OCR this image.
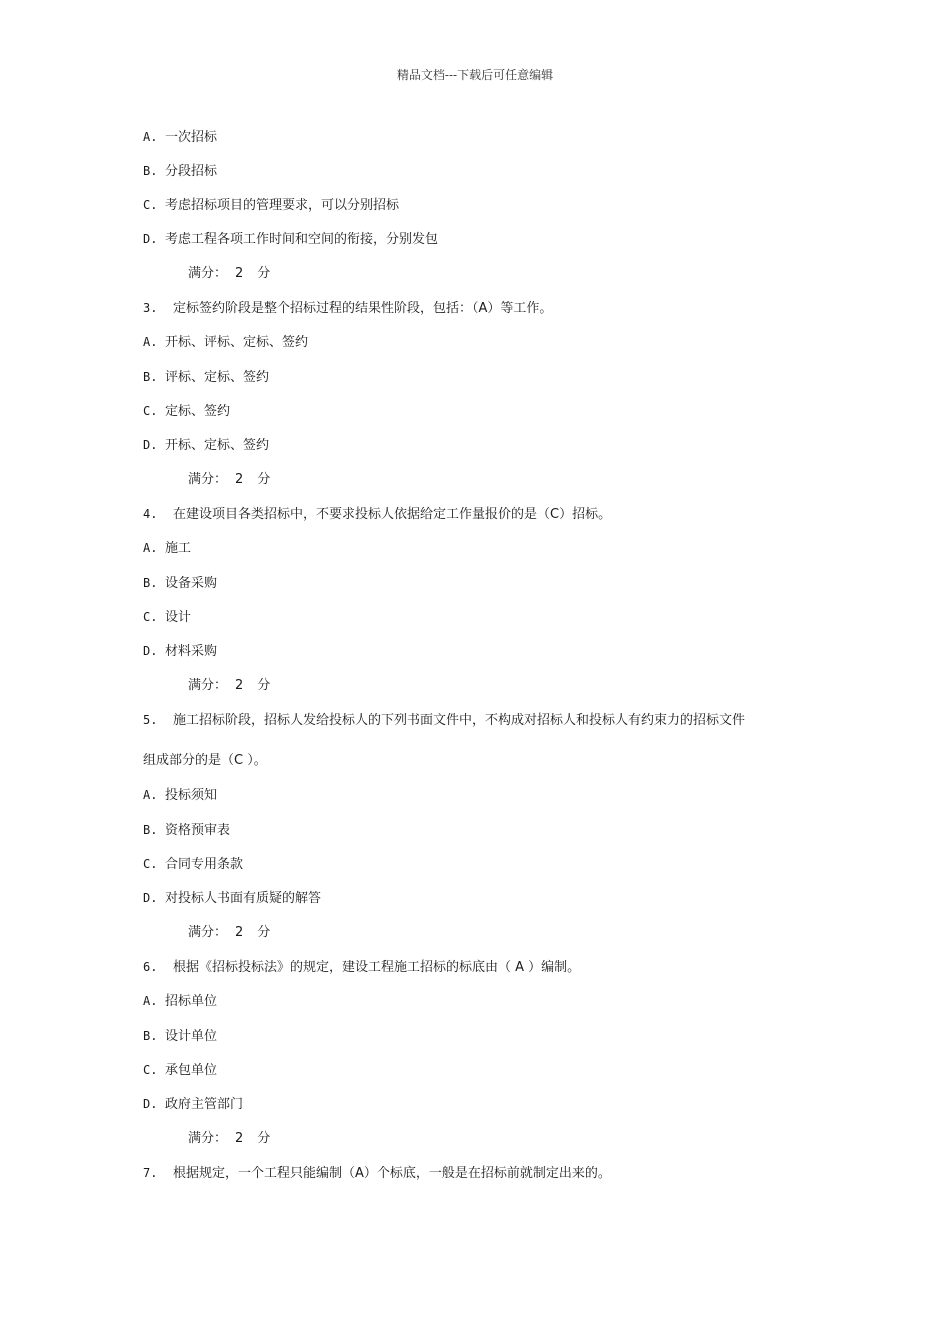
精品文档---下载后可任意编辑
A. 一次招标
B. 分段招标
C. 考虑招标项目的管理要求，可以分别招标
D. 考虑工程各项工作时间和空间的衔接，分别发包
满分： 2 分
3. 定标签约阶段是整个招标过程的结果性阶段，包括：（A）等工作。
A. 开标、评标、定标、签约
B. 评标、定标、签约
C. 定标、签约
D. 开标、定标、签约
满分： 2 分
4. 在建设项目各类招标中，不要求投标人依据给定工作量报价的是（C）招标。
A. 施工
B. 设备采购
C. 设计
D. 材料采购
满分： 2 分
5. 施工招标阶段，招标人发给投标人的下列书面文件中，不构成对招标人和投标人有约束力的招标文件
组成部分的是（C ）。
A. 投标须知
B. 资格预审表
C. 合同专用条款
D. 对投标人书面有质疑的解答
满分： 2 分
6. 根据《招标投标法》的规定，建设工程施工招标的标底由（ A ）编制。
A. 招标单位
B. 设计单位
C. 承包单位
D. 政府主管部门
满分： 2 分
7. 根据规定，一个工程只能编制（A）个标底，一般是在招标前就制定出来的。
